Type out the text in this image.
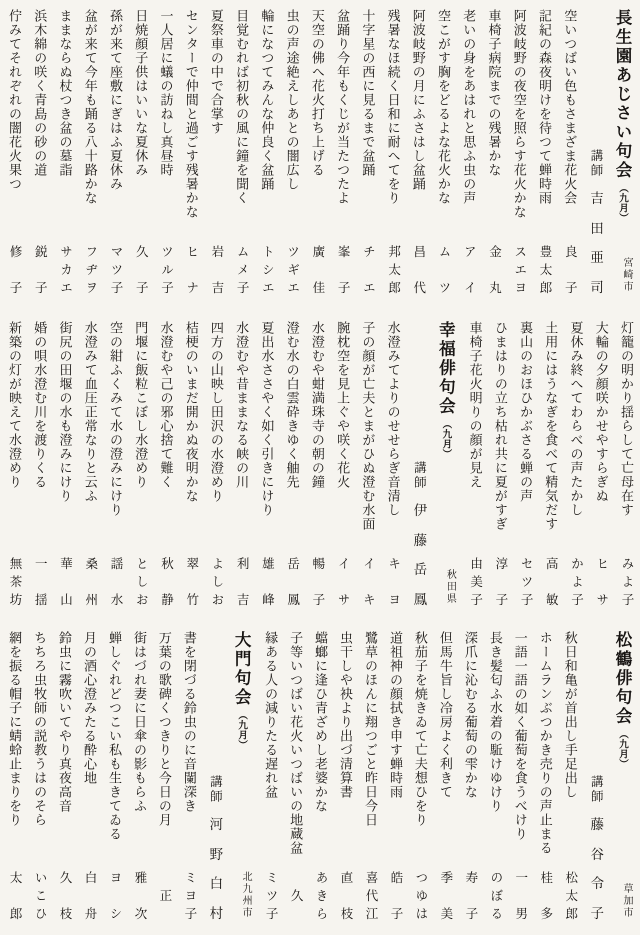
長生園あじさい句会（九月）
宮崎市
講師
吉
田
亜
司
空いつばい色もさまざま花火会
良
子
記紀の森夜明けを待つて蝉時雨
豊
太
郎
阿波岐野の夜空を照らす花火かな
ス
エ
ヨ
車椅子病院までの残暑かな
金
丸
老いの身をあはれと思ふ虫の声
ア
イ
空こがす胸をどるよな花火かな
ム
ツ
阿波岐野の月にふさはし盆踊
昌
代
残暑なほ続く日和に耐へてをり
邦
太
郎
十字星の西に見るまで盆踊
チ
エ
盆踊り今年もくじが当たつたよ
峯
子
天空の佛へ花火打ち上げる
廣
佳
虫の声途絶えしあとの闇広し
ツ
ギ
エ
輪になつてみんな仲良く盆踊
ト
シ
エ
目覚むれば初秋の風に鐘を聞く
ム
メ
子
夏祭車の中で合掌す
岩
吉
センターで仲間と過ごす残暑かな
ヒ
ナ
一人居に蟻の訪ねし真昼時
ツ
ル
子
日焼顔子供はいいな夏休み
久
子
孫が来て座敷にぎはふ夏休み
マ
ツ
子
盆が来て今年も踊る八十路かな
フ
ヂ
ヲ
ままならぬ杖つき盆の墓詣
サ
カ
エ
浜木綿の咲く青島の砂の道
鋭
子
佇みてそれぞれの闇花火果つ
修
子
灯籠の明かり揺らして亡母在す
み
よ
子
大輪の夕顔咲かせやすらぎぬ
ヒ
サ
夏休み終へてわらべの声たかし
か
よ
子
土用にはうなぎを食べて精気だす
高
敏
裏山のおほひかぶさる蝉の声
セ
ツ
子
ひまはりの立ち枯れ共に夏がすぎ
淳
子
車椅子花火明りの顔が見え
由
美
子
幸福俳句会（九月）
秋田県
講師
伊
藤
岳
鳳
水澄みてよりのせせらぎ音清し
キ
ヨ
子の顔が亡夫とまがひぬ澄む水面
イ
キ
腕枕空を見上ぐや咲く花火
イ
サ
水澄むや蚶満珠寺の朝の鐘
暢
子
澄む水の白雲砕きゆく舳先
岳
鳳
夏出水ささやく如く引きにけり
雄
峰
水澄むや昔ままなる峡の川
利
吉
四方の山映し田沢の水澄めり
よ
し
お
桔梗のいまだ開かぬ夜明かな
翠
竹
水澄むや己の邪心捨て難く
秋
静
門堰に飯粒こぼし水澄めり
と
し
お
空の紺ふくみて水の澄みにけり
謡
水
水澄みて血圧正常なりと云ふ
桑
州
街尻の田堰の水も澄みにけり
華
山
婚の唄水澄む川を渡りくる
一
揺
新築の灯が映えて水澄めり
無
茶
坊
松鶴俳句会（九月）
草加市
講師
藤
谷
令
子
秋日和亀が首出し手足出し
松
太
郎
ホームランぶつかき売りの声止まる
桂
多
一語一語の如く葡萄を食うべけり
一
男
長き髪匂ふ水着の駈けゆけり
の
ぼ
る
深爪に沁むる葡萄の雫かな
寿
子
但馬牛旨し冷房よく利きて
季
美
秋茄子を焼きゐて亡夫想ひをり
つ
ゆ
は
道祖神の顔拭き申す蝉時雨
皓
子
鷺草のほんに翔つごと昨日今日
喜
代
江
虫干しや袂より出づ清算書
直
枝
蟷螂に逢ひ青ざめし老婆かな
あ
き
ら
子等いつばい花火いつばいの地蔵盆
久
縁ある人の減りたる遅れ盆
ミ
ツ
子
大門句会（九月）
北九州市
講師
河
野
白
村
書を閉づる鈴虫のに音闌深き
ミ
ヨ
子
万葉の歌碑くつきりと今日の月
正
街はづれ妻に日傘の影もらふ
雅
次
蝉しぐれどつこい私も生きてゐる
ヨ
シ
月の酒心澄みたる酔心地
白
舟
鈴虫に霧吹いてやり真夜高音
久
枝
ちちろ虫牧師の説教うはのそら
い
こ
ひ
網を振る帽子に蜻蛉止まりをり
太
郎
